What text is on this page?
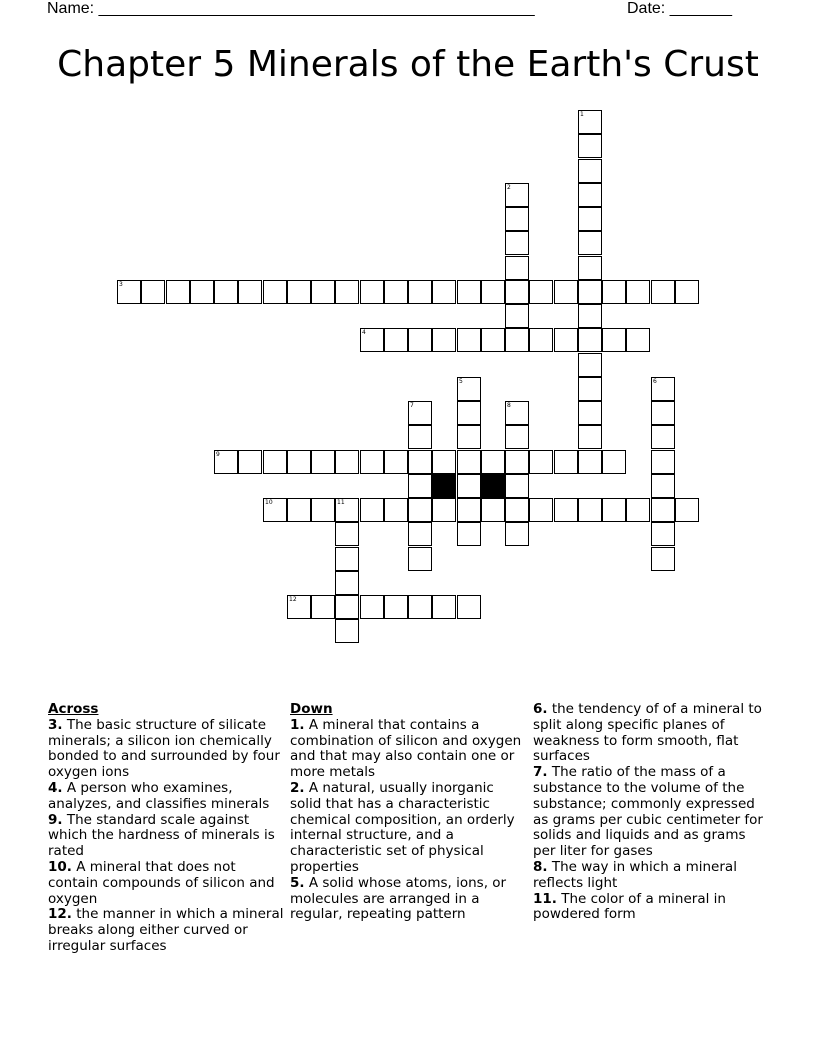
Name: _________________________________________________	Date: _______
Chapter 5 Minerals of the Earth's Crust
1
2
3
4
5	6
7	8
9
10	11
12
Across
3. The basic structure of silicate minerals; a silicon ion chemically bonded to and surrounded by four oxygen ions
4. A person who examines, analyzes, and classifies minerals
9. The standard scale against which the hardness of minerals is rated
10. A mineral that does not contain compounds of silicon and oxygen
12. the manner in which a mineral breaks along either curved or irregular surfaces
Down
1. A mineral that contains a combination of silicon and oxygen and that may also contain one or more metals
2. A natural, usually inorganic solid that has a characteristic chemical composition, an orderly internal structure, and a characteristic set of physical properties
5. A solid whose atoms, ions, or molecules are arranged in a regular, repeating pattern
6. the tendency of of a mineral to split along specific planes of weakness to form smooth, flat surfaces
7. The ratio of the mass of a substance to the volume of the substance; commonly expressed as grams per cubic centimeter for solids and liquids and as grams per liter for gases
8. The way in which a mineral reflects light
11. The color of a mineral in powdered form
